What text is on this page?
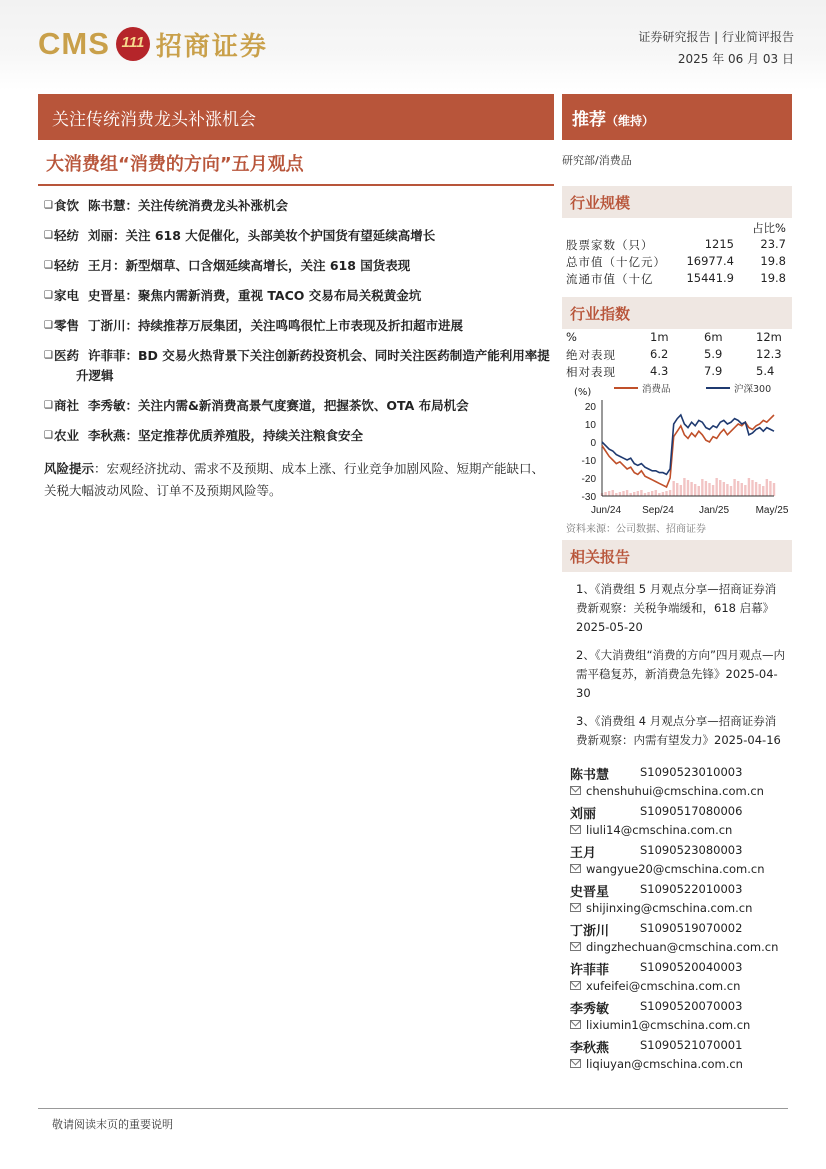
CMS 111 招商证券	证券研究报告 | 行业简评报告
2025 年 06 月 03 日
关注传统消费龙头补涨机会	推荐（维持）
大消费组“消费的方向”五月观点
❑ 食饮 陈书慧：关注传统消费龙头补涨机会
❑ 轻纺 刘丽：关注 618 大促催化，头部美妆个护国货有望延续高增长
❑ 轻纺 王月：新型烟草、口含烟延续高增长，关注 618 国货表现
❑ 家电 史晋星：聚焦内需新消费，重视 TACO 交易布局关税黄金坑
❑ 零售 丁浙川：持续推荐万辰集团，关注鸣鸣很忙上市表现及折扣超市进展
❑ 医药 许菲菲：BD 交易火热背景下关注创新药投资机会、同时关注医药制造产能利用率提升逻辑
❑ 商社 李秀敏：关注内需&新消费高景气度赛道，把握茶饮、OTA 布局机会
❑ 农业 李秋燕：坚定推荐优质养殖股，持续关注粮食安全
风险提示：宏观经济扰动、需求不及预期、成本上涨、行业竞争加剧风险、短期产能缺口、关税大幅波动风险、订单不及预期风险等。
研究部/消费品
行业规模
占比%
股票家数（只）	1215 23.7
总市值（十亿元） 16977.4 19.8
流通市值（十亿	15441.9 19.8
行业指数
%	1m	6m	12m
绝对表现	6.2	5.9	12.3
相对表现	4.3	7.9	5.4
(%)
20
10
0
-10
-20
-30
Jun/24 Sep/24	Jan/25	May/25
消费品	沪深300
资料来源：公司数据、招商证券
相关报告
1、《消费组 5 月观点分享—招商证券消费新观察：关税争端缓和，618 启幕》2025-05-20
2、《大消费组“消费的方向”四月观点—内需平稳复苏，新消费急先锋》2025-04-30
3、《消费组 4 月观点分享—招商证券消费新观察：内需有望发力》2025-04-16
陈书慧	S1090523010003
chenshuhui@cmschina.com.cn
刘丽	S1090517080006
liuli14@cmschina.com.cn
王月	S1090523080003
wangyue20@cmschina.com.cn
史晋星	S1090522010003
shijinxing@cmschina.com.cn
丁浙川	S1090519070002
dingzhechuan@cmschina.com.cn
许菲菲	S1090520040003
xufeifei@cmschina.com.cn
李秀敏	S1090520070003
lixiumin1@cmschina.com.cn
李秋燕	S1090521070001
liqiuyan@cmschina.com.cn
敬请阅读末页的重要说明
